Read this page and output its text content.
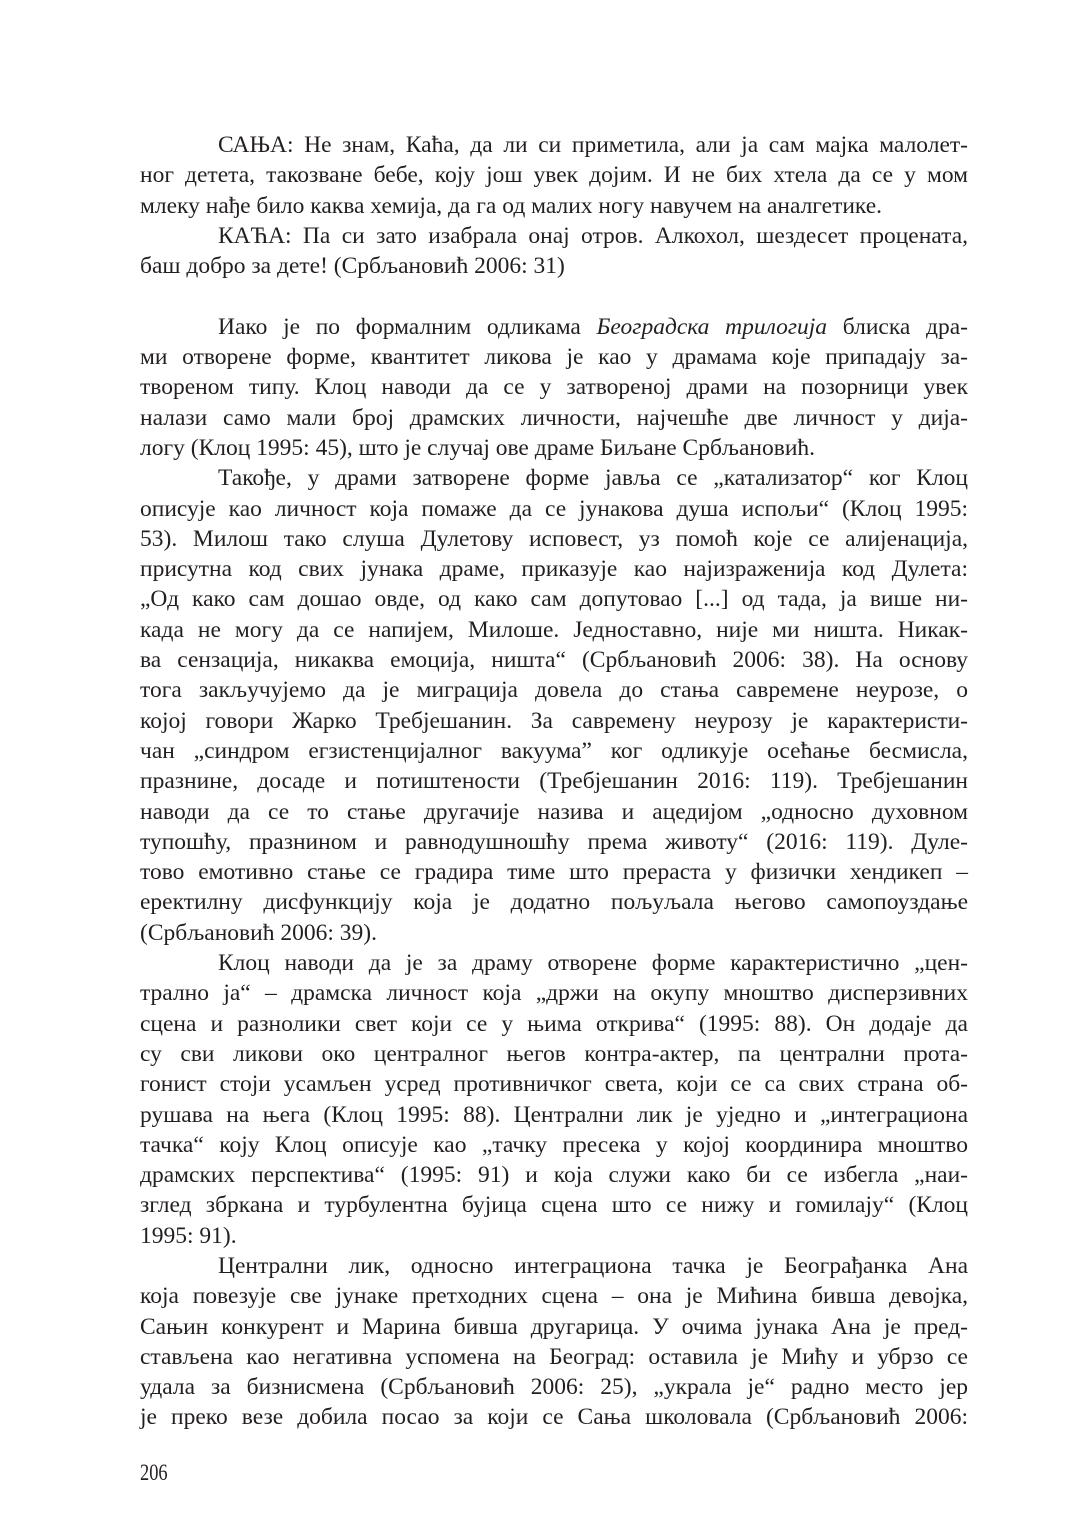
САЊА: Не знам, Каћа, да ли си приметила, али ја сам мајка малолет-
ног детета, такозване бебе, коју још увек дојим. И не бих хтела да се у мом
млеку нађе било каква хемија, да га од малих ногу навучем на аналгетике.
КАЋА: Па си зато изабрала онај отров. Алкохол, шездесет процената,
баш добро за дете! (Србљановић 2006: 31)
Иако је по формалним одликама Београдска трилогија блиска дра-
ми отворене форме, квантитет ликова је као у драмама које припадају за-
твореном типу. Клоц наводи да се у затвореној драми на позорници увек
налази само мали број драмских личности, најчешће две личност у дија-
логу (Клоц 1995: 45), што је случај ове драме Биљане Србљановић.
Такође, у драми затворене форме јавља се „катализатор“ ког Клоц
описује као личност која помаже да се јунакова душа испољи“ (Клоц 1995:
53). Милош тако слуша Дулетову исповест, уз помоћ које се алијенација,
присутна код свих јунака драме, приказује као најизраженија код Дулета:
„Од како сам дошао овде, од како сам допутовао [...] од тада, ја више ни-
када не могу да се напијем, Милоше. Једноставно, није ми ништа. Никак-
ва сензација, никаква емоција, ништа“ (Србљановић 2006: 38). На основу
тога закључујемо да је миграција довела до стања савремене неурозе, о
којој говори Жарко Требјешанин. За савремену неурозу је карактеристи-
чан „синдром егзистенцијалног вакуума” ког одликује осећање бесмисла,
празнине, досаде и потиштености (Требјешанин 2016: 119). Требјешанин
наводи да се то стање другачије назива и ацедијом „односно духовном
тупошћу, празнином и равнодушношћу према животу“ (2016: 119). Дуле-
тово емотивно стање се градира тиме што прераста у физички хендикеп –
еректилну дисфункцију која је додатно пољуљала његово самопоуздање
(Србљановић 2006: 39).
Клоц наводи да је за драму отворене форме карактеристично „цен-
трално ја“ – драмска личност која „држи на окупу мноштво дисперзивних
сцена и разнолики свет који се у њима открива“ (1995: 88). Он додаје да
су сви ликови око централног његов контра-актер, па централни прота-
гонист стоји усамљен усред противничког света, који се са свих страна об-
рушава на њега (Клоц 1995: 88). Централни лик је уједно и „интеграциона
тачка“ коју Клоц описује као „тачку пресека у којој координира мноштво
драмских перспектива“ (1995: 91) и која служи како би се избегла „наи-
зглед збркана и турбулентна бујица сцена што се нижу и гомилају“ (Клоц
1995: 91).
Централни лик, односно интеграциона тачка је Београђанка Ана
која повезује све јунаке претходних сцена – она је Мићина бивша девојка,
Сањин конкурент и Марина бивша другарица. У очима јунака Ана је пред-
стављена као негативна успомена на Београд: оставила је Мићу и убрзо се
удала за бизнисмена (Србљановић 2006: 25), „украла је“ радно место јер
је преко везе добила посао за који се Сања школовала (Србљановић 2006:
206
